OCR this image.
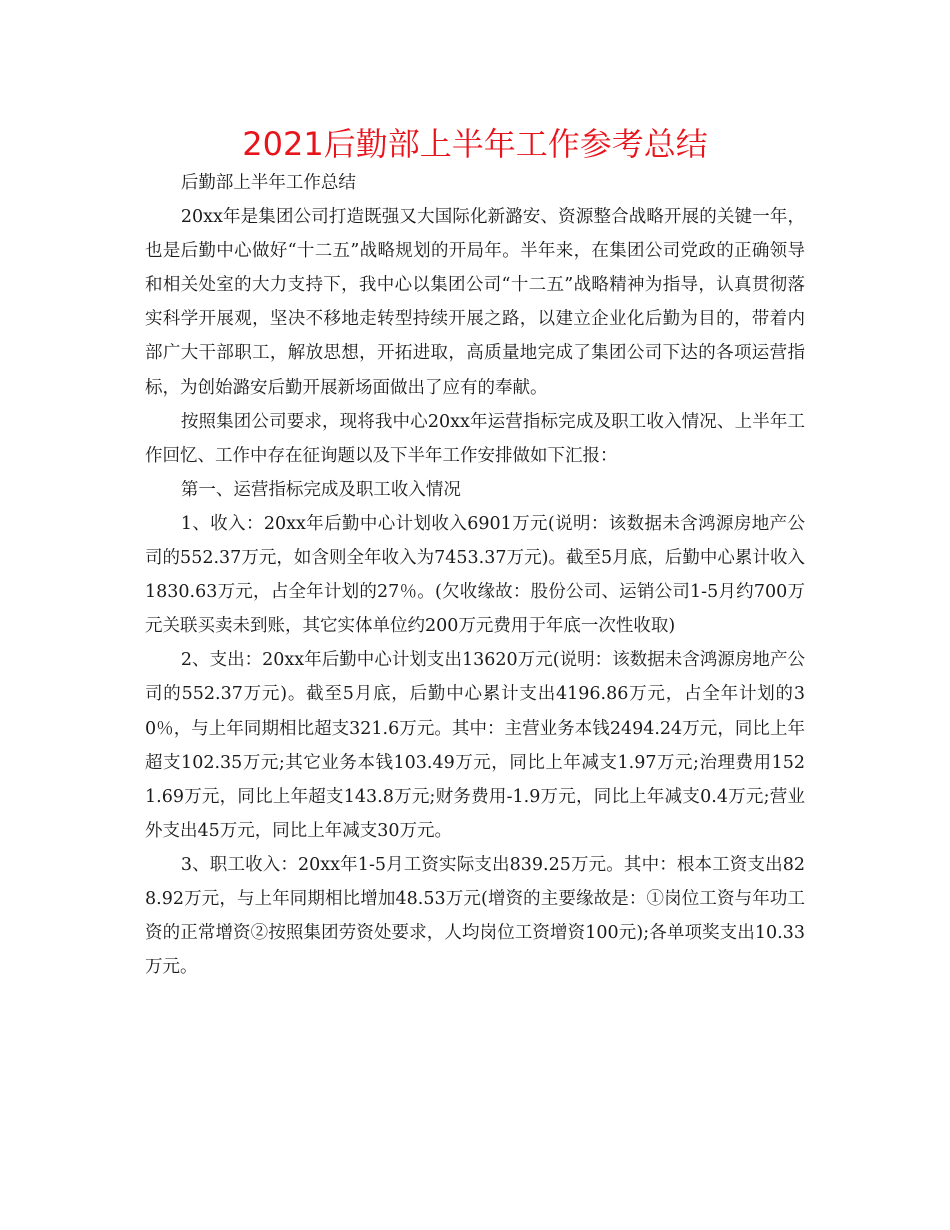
2021后勤部上半年工作参考总结

后勤部上半年工作总结

20xx年是集团公司打造既强又大国际化新潞安、资源整合战略开展的关键一年，也是后勤中心做好“十二五”战略规划的开局年。半年来，在集团公司党政的正确领导和相关处室的大力支持下，我中心以集团公司“十二五”战略精神为指导，认真贯彻落实科学开展观，坚决不移地走转型持续开展之路，以建立企业化后勤为目的，带着内部广大干部职工，解放思想，开拓进取，高质量地完成了集团公司下达的各项运营指标，为创始潞安后勤开展新场面做出了应有的奉献。

按照集团公司要求，现将我中心20xx年运营指标完成及职工收入情况、上半年工作回忆、工作中存在征询题以及下半年工作安排做如下汇报：

第一、运营指标完成及职工收入情况

1、收入：20xx年后勤中心计划收入6901万元(说明：该数据未含鸿源房地产公司的552.37万元，如含则全年收入为7453.37万元)。截至5月底，后勤中心累计收入1830.63万元，占全年计划的27％。(欠收缘故：股份公司、运销公司1-5月约700万元关联买卖未到账，其它实体单位约200万元费用于年底一次性收取)

2、支出：20xx年后勤中心计划支出13620万元(说明：该数据未含鸿源房地产公司的552.37万元)。截至5月底，后勤中心累计支出4196.86万元，占全年计划的30％，与上年同期相比超支321.6万元。其中：主营业务本钱2494.24万元，同比上年超支102.35万元;其它业务本钱103.49万元，同比上年减支1.97万元;治理费用1521.69万元，同比上年超支143.8万元;财务费用-1.9万元，同比上年减支0.4万元;营业外支出45万元，同比上年减支30万元。

3、职工收入：20xx年1-5月工资实际支出839.25万元。其中：根本工资支出828.92万元，与上年同期相比增加48.53万元(增资的主要缘故是：①岗位工资与年功工资的正常增资②按照集团劳资处要求，人均岗位工资增资100元);各单项奖支出10.33万元。
